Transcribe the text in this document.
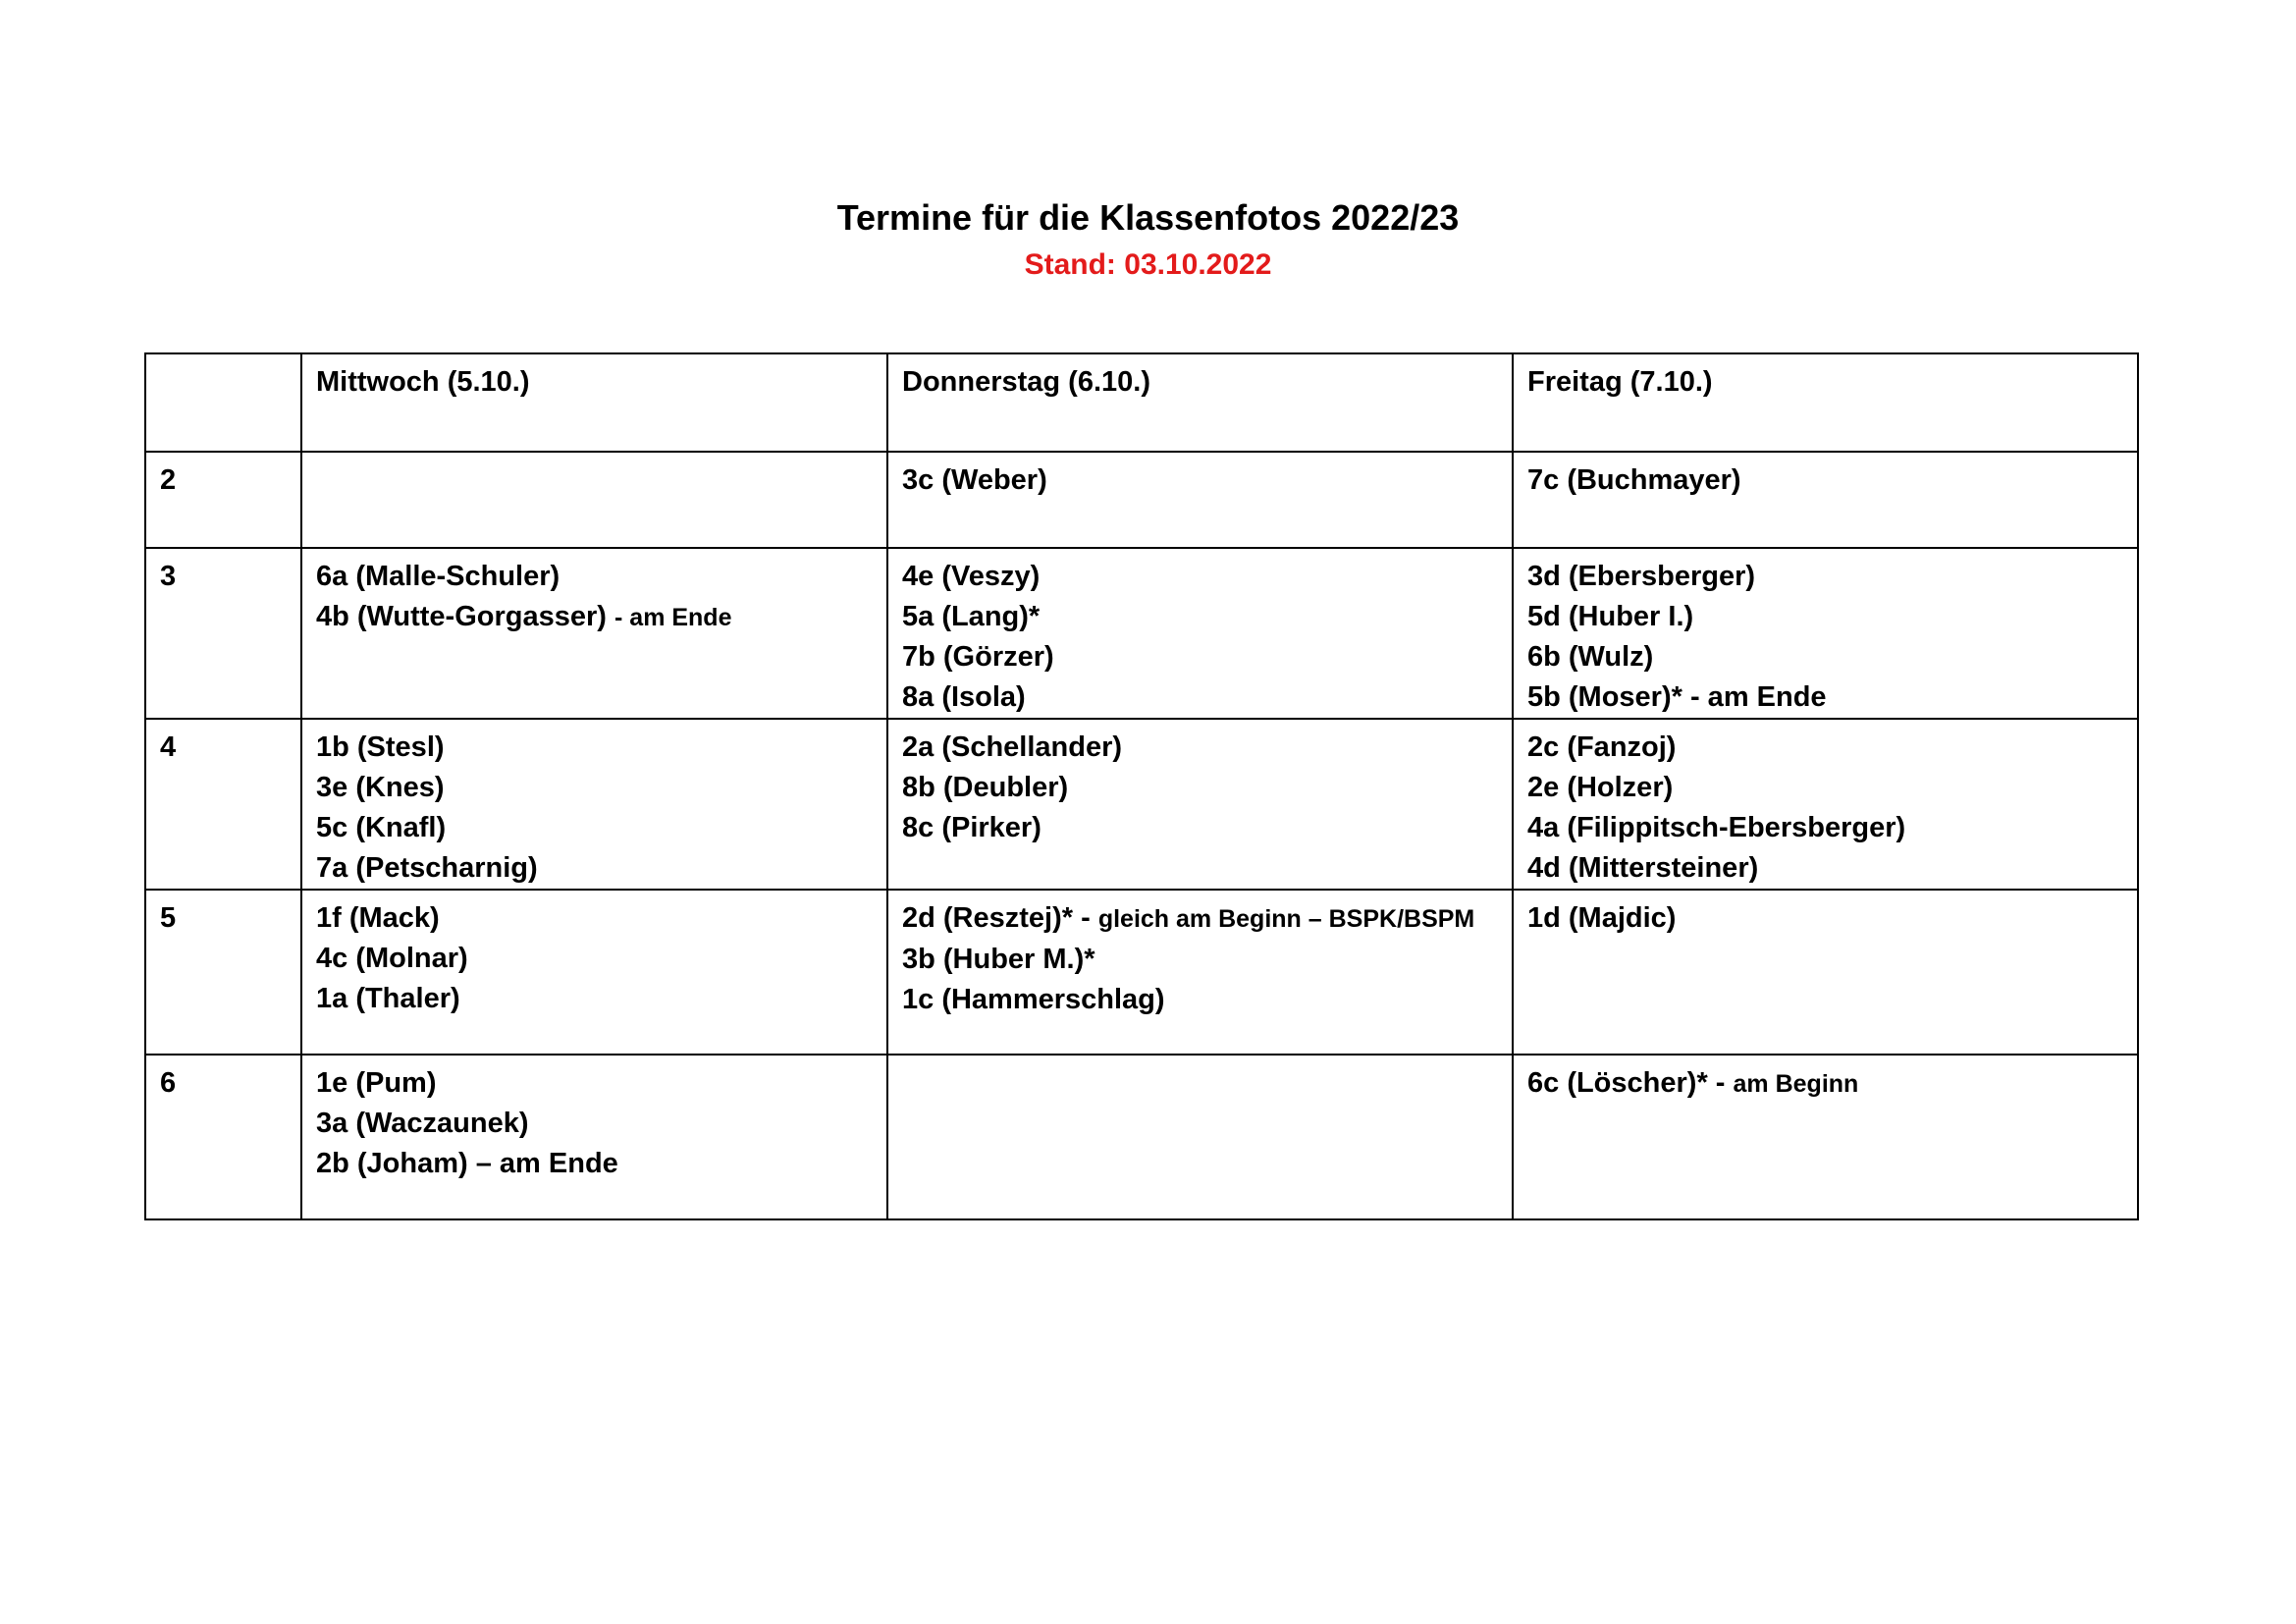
Termine für die Klassenfotos 2022/23
Stand: 03.10.2022
	Mittwoch (5.10.)	Donnerstag (6.10.)	Freitag (7.10.)
2		3c (Weber)	7c (Buchmayer)

3	6a (Malle-Schuler)
4b (Wutte-Gorgasser) - am Ende	4e (Veszy)
5a (Lang)*
7b (Görzer)
8a (Isola)	3d (Ebersberger)
5d (Huber I.)
6b (Wulz)
5b (Moser)* - am Ende

4	1b (Stesl)
3e (Knes)
5c (Knafl)
7a (Petscharnig)	2a (Schellander)
8b (Deubler)
8c (Pirker)	2c (Fanzoj)
2e (Holzer)
4a (Filippitsch-Ebersberger)
4d (Mittersteiner)

5	1f (Mack)
4c (Molnar)
1a (Thaler)	2d (Resztej)* - gleich am Beginn – BSPK/BSPM
3b (Huber M.)*
1c (Hammerschlag)	1d (Majdic)

6	1e (Pum)
3a (Waczaunek)
2b (Joham) – am Ende		6c (Löscher)* - am Beginn
